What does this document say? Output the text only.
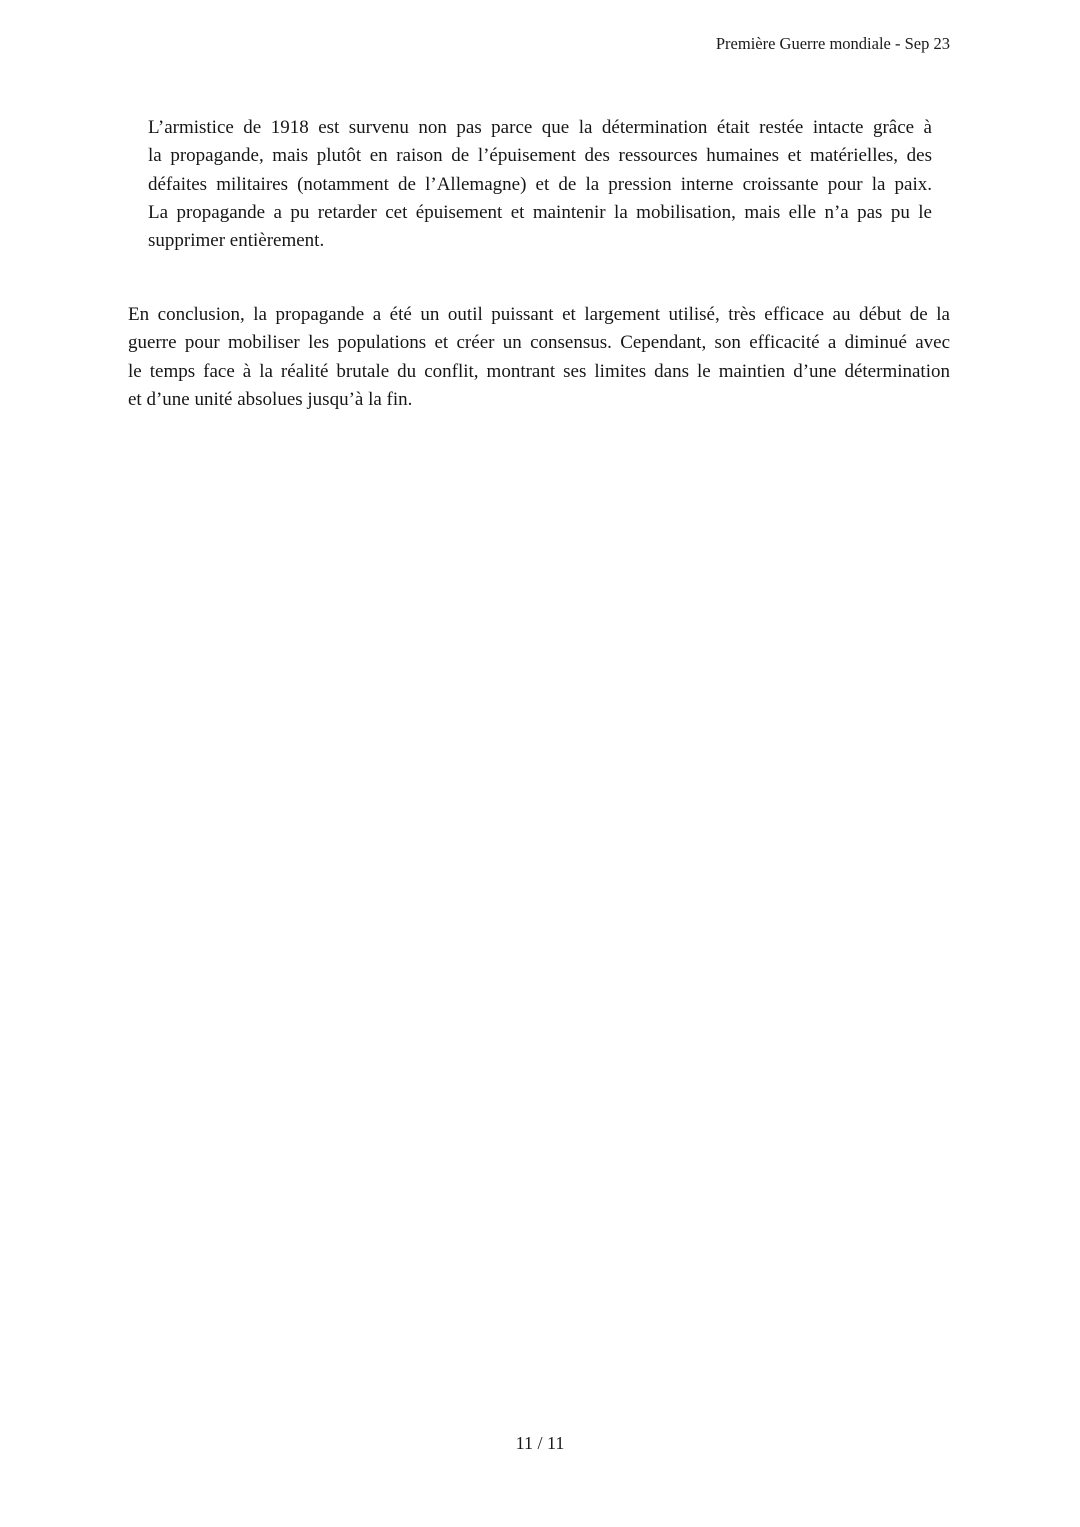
Première Guerre mondiale - Sep 23
L’armistice de 1918 est survenu non pas parce que la détermination était restée intacte grâce à
la propagande, mais plutôt en raison de l’épuisement des ressources humaines et matérielles, des
défaites militaires (notamment de l’Allemagne) et de la pression interne croissante pour la paix.
La propagande a pu retarder cet épuisement et maintenir la mobilisation, mais elle n’a pas pu le
supprimer entièrement.
En conclusion, la propagande a été un outil puissant et largement utilisé, très efficace au début de la
guerre pour mobiliser les populations et créer un consensus. Cependant, son efficacité a diminué avec
le temps face à la réalité brutale du conflit, montrant ses limites dans le maintien d’une détermination
et d’une unité absolues jusqu’à la fin.
11 / 11
